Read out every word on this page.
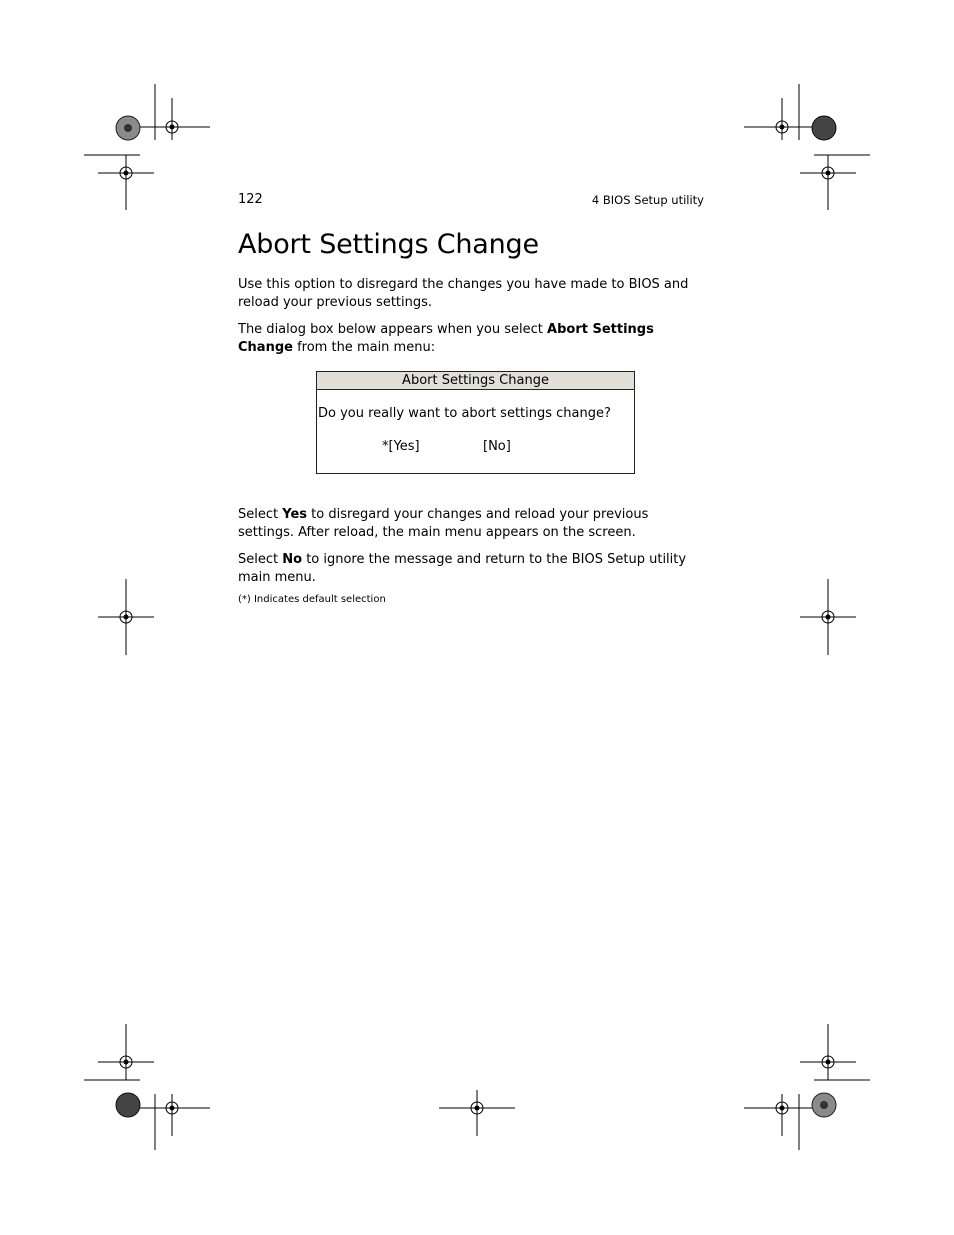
122	4 BIOS Setup utility
Abort Settings Change

Use this option to disregard the changes you have made to BIOS and reload your previous settings.

The dialog box below appears when you select Abort Settings Change from the main menu:

Abort Settings Change
Do you really want to abort settings change?
*[Yes]	[No]

Select Yes to disregard your changes and reload your previous settings. After reload, the main menu appears on the screen.

Select No to ignore the message and return to the BIOS Setup utility main menu.

(*) Indicates default selection
